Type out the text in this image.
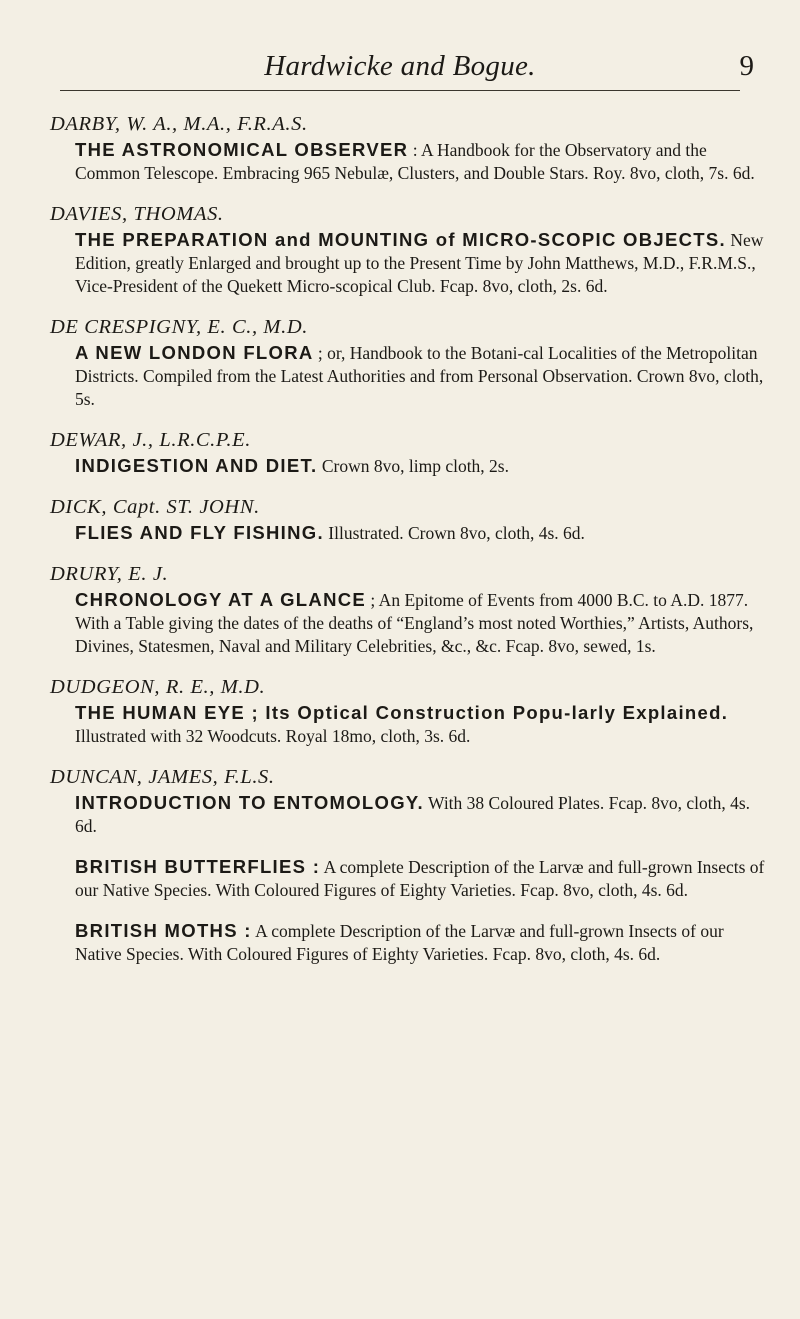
Hardwicke and Bogue.	9
DARBY, W. A., M.A., F.R.A.S.
THE ASTRONOMICAL OBSERVER : A Handbook for the Observatory and the Common Telescope. Embracing 965 Nebulæ, Clusters, and Double Stars. Roy. 8vo, cloth, 7s. 6d.
DAVIES, THOMAS.
THE PREPARATION and MOUNTING of MICRO-SCOPIC OBJECTS. New Edition, greatly Enlarged and brought up to the Present Time by John Matthews, M.D., F.R.M.S., Vice-President of the Quekett Micro-scopical Club. Fcap. 8vo, cloth, 2s. 6d.
DE CRESPIGNY, E. C., M.D.
A NEW LONDON FLORA ; or, Handbook to the Botani-cal Localities of the Metropolitan Districts. Compiled from the Latest Authorities and from Personal Observation. Crown 8vo, cloth, 5s.
DEWAR, J., L.R.C.P.E.
INDIGESTION AND DIET. Crown 8vo, limp cloth, 2s.
DICK, Capt. ST. JOHN.
FLIES AND FLY FISHING. Illustrated. Crown 8vo, cloth, 4s. 6d.
DRURY, E. J.
CHRONOLOGY AT A GLANCE ; An Epitome of Events from 4000 B.C. to A.D. 1877. With a Table giving the dates of the deaths of “England’s most noted Worthies,” Artists, Authors, Divines, Statesmen, Naval and Military Celebrities, &c., &c. Fcap. 8vo, sewed, 1s.
DUDGEON, R. E., M.D.
THE HUMAN EYE ; Its Optical Construction Popu-larly Explained. Illustrated with 32 Woodcuts. Royal 18mo, cloth, 3s. 6d.
DUNCAN, JAMES, F.L.S.
INTRODUCTION TO ENTOMOLOGY. With 38 Coloured Plates. Fcap. 8vo, cloth, 4s. 6d.
BRITISH BUTTERFLIES : A complete Description of the Larvæ and full-grown Insects of our Native Species. With Coloured Figures of Eighty Varieties. Fcap. 8vo, cloth, 4s. 6d.
BRITISH MOTHS : A complete Description of the Larvæ and full-grown Insects of our Native Species. With Coloured Figures of Eighty Varieties. Fcap. 8vo, cloth, 4s. 6d.
